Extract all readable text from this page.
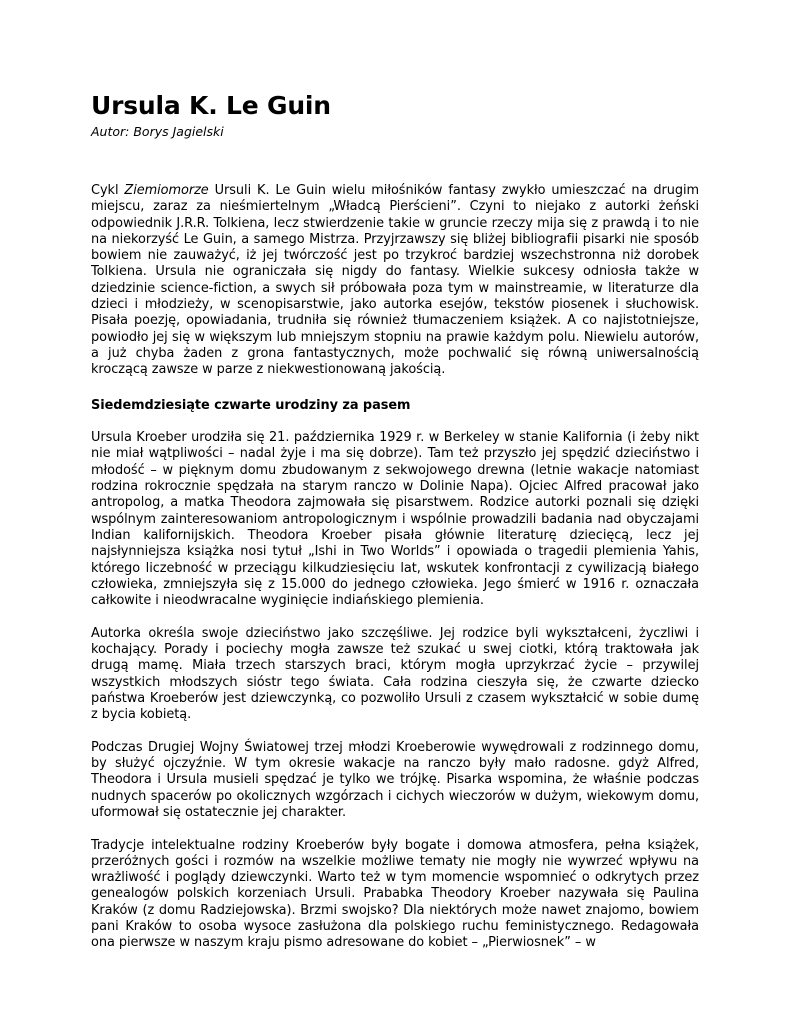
Ursula K. Le Guin
Autor: Borys Jagielski

Cykl Ziemiomorze Ursuli K. Le Guin wielu miłośników fantasy zwykło umieszczać na drugim miejscu, zaraz za nieśmiertelnym „Władcą Pierścieni”. Czyni to niejako z autorki żeński odpowiednik J.R.R. Tolkiena, lecz stwierdzenie takie w gruncie rzeczy mija się z prawdą i to nie na niekorzyść Le Guin, a samego Mistrza. Przyjrzawszy się bliżej bibliografii pisarki nie sposób bowiem nie zauważyć, iż jej twórczość jest po trzykroć bardziej wszechstronna niż dorobek Tolkiena. Ursula nie ograniczała się nigdy do fantasy. Wielkie sukcesy odniosła także w dziedzinie science-fiction, a swych sił próbowała poza tym w mainstreamie, w literaturze dla dzieci i młodzieży, w scenopisarstwie, jako autorka esejów, tekstów piosenek i słuchowisk. Pisała poezję, opowiadania, trudniła się również tłumaczeniem książek. A co najistotniejsze, powiodło jej się w większym lub mniejszym stopniu na prawie każdym polu. Niewielu autorów, a już chyba żaden z grona fantastycznych, może pochwalić się równą uniwersalnością kroczącą zawsze w parze z niekwestionowaną jakością.

Siedemdziesiąte czwarte urodziny za pasem

Ursula Kroeber urodziła się 21. października 1929 r. w Berkeley w stanie Kalifornia (i żeby nikt nie miał wątpliwości – nadal żyje i ma się dobrze). Tam też przyszło jej spędzić dzieciństwo i młodość – w pięknym domu zbudowanym z sekwojowego drewna (letnie wakacje natomiast rodzina rokrocznie spędzała na starym ranczo w Dolinie Napa). Ojciec Alfred pracował jako antropolog, a matka Theodora zajmowała się pisarstwem. Rodzice autorki poznali się dzięki wspólnym zainteresowaniom antropologicznym i wspólnie prowadzili badania nad obyczajami Indian kalifornijskich. Theodora Kroeber pisała głównie literaturę dziecięcą, lecz jej najsłynniejsza książka nosi tytuł „Ishi in Two Worlds” i opowiada o tragedii plemienia Yahis, którego liczebność w przeciągu kilkudziesięciu lat, wskutek konfrontacji z cywilizacją białego człowieka, zmniejszyła się z 15.000 do jednego człowieka. Jego śmierć w 1916 r. oznaczała całkowite i nieodwracalne wyginięcie indiańskiego plemienia.

Autorka określa swoje dzieciństwo jako szczęśliwe. Jej rodzice byli wykształceni, życzliwi i kochający. Porady i pociechy mogła zawsze też szukać u swej ciotki, którą traktowała jak drugą mamę. Miała trzech starszych braci, którym mogła uprzykrzać życie – przywilej wszystkich młodszych sióstr tego świata. Cała rodzina cieszyła się, że czwarte dziecko państwa Kroeberów jest dziewczynką, co pozwoliło Ursuli z czasem wykształcić w sobie dumę z bycia kobietą.

Podczas Drugiej Wojny Światowej trzej młodzi Kroeberowie wywędrowali z rodzinnego domu, by służyć ojczyźnie. W tym okresie wakacje na ranczo były mało radosne. gdyż Alfred, Theodora i Ursula musieli spędzać je tylko we trójkę. Pisarka wspomina, że właśnie podczas nudnych spacerów po okolicznych wzgórzach i cichych wieczorów w dużym, wiekowym domu, uformował się ostatecznie jej charakter.

Tradycje intelektualne rodziny Kroeberów były bogate i domowa atmosfera, pełna książek, przeróżnych gości i rozmów na wszelkie możliwe tematy nie mogły nie wywrzeć wpływu na wrażliwość i poglądy dziewczynki. Warto też w tym momencie wspomnieć o odkrytych przez genealogów polskich korzeniach Ursuli. Prababka Theodory Kroeber nazywała się Paulina Kraków (z domu Radziejowska). Brzmi swojsko? Dla niektórych może nawet znajomo, bowiem pani Kraków to osoba wysoce zasłużona dla polskiego ruchu feministycznego. Redagowała ona pierwsze w naszym kraju pismo adresowane do kobiet – „Pierwiosnek” – w
